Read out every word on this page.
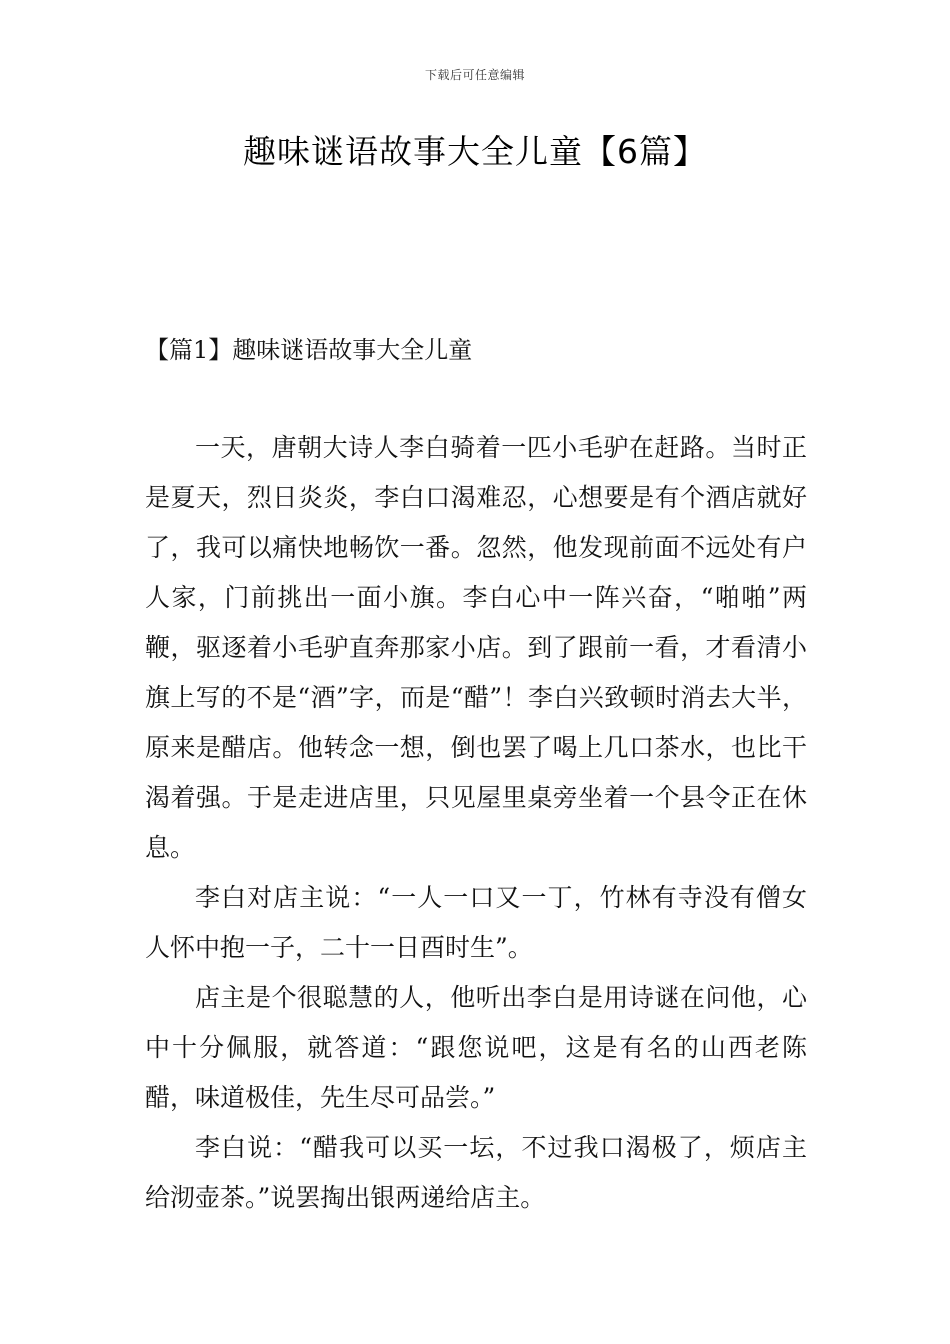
下载后可任意编辑
趣味谜语故事大全儿童【6篇】
【篇1】趣味谜语故事大全儿童

一天，唐朝大诗人李白骑着一匹小毛驴在赶路。当时正是夏天，烈日炎炎，李白口渴难忍，心想要是有个酒店就好了，我可以痛快地畅饮一番。忽然，他发现前面不远处有户人家，门前挑出一面小旗。李白心中一阵兴奋，“啪啪”两鞭，驱逐着小毛驴直奔那家小店。到了跟前一看，才看清小旗上写的不是“酒”字，而是“醋”！李白兴致顿时消去大半，原来是醋店。他转念一想，倒也罢了喝上几口茶水，也比干渴着强。于是走进店里，只见屋里桌旁坐着一个县令正在休息。

李白对店主说：“一人一口又一丁，竹林有寺没有僧女人怀中抱一子，二十一日酉时生”。

店主是个很聪慧的人，他听出李白是用诗谜在问他，心中十分佩服，就答道：“跟您说吧，这是有名的山西老陈醋，味道极佳，先生尽可品尝。”

李白说：“醋我可以买一坛，不过我口渴极了，烦店主给沏壶茶。”说罢掏出银两递给店主。
